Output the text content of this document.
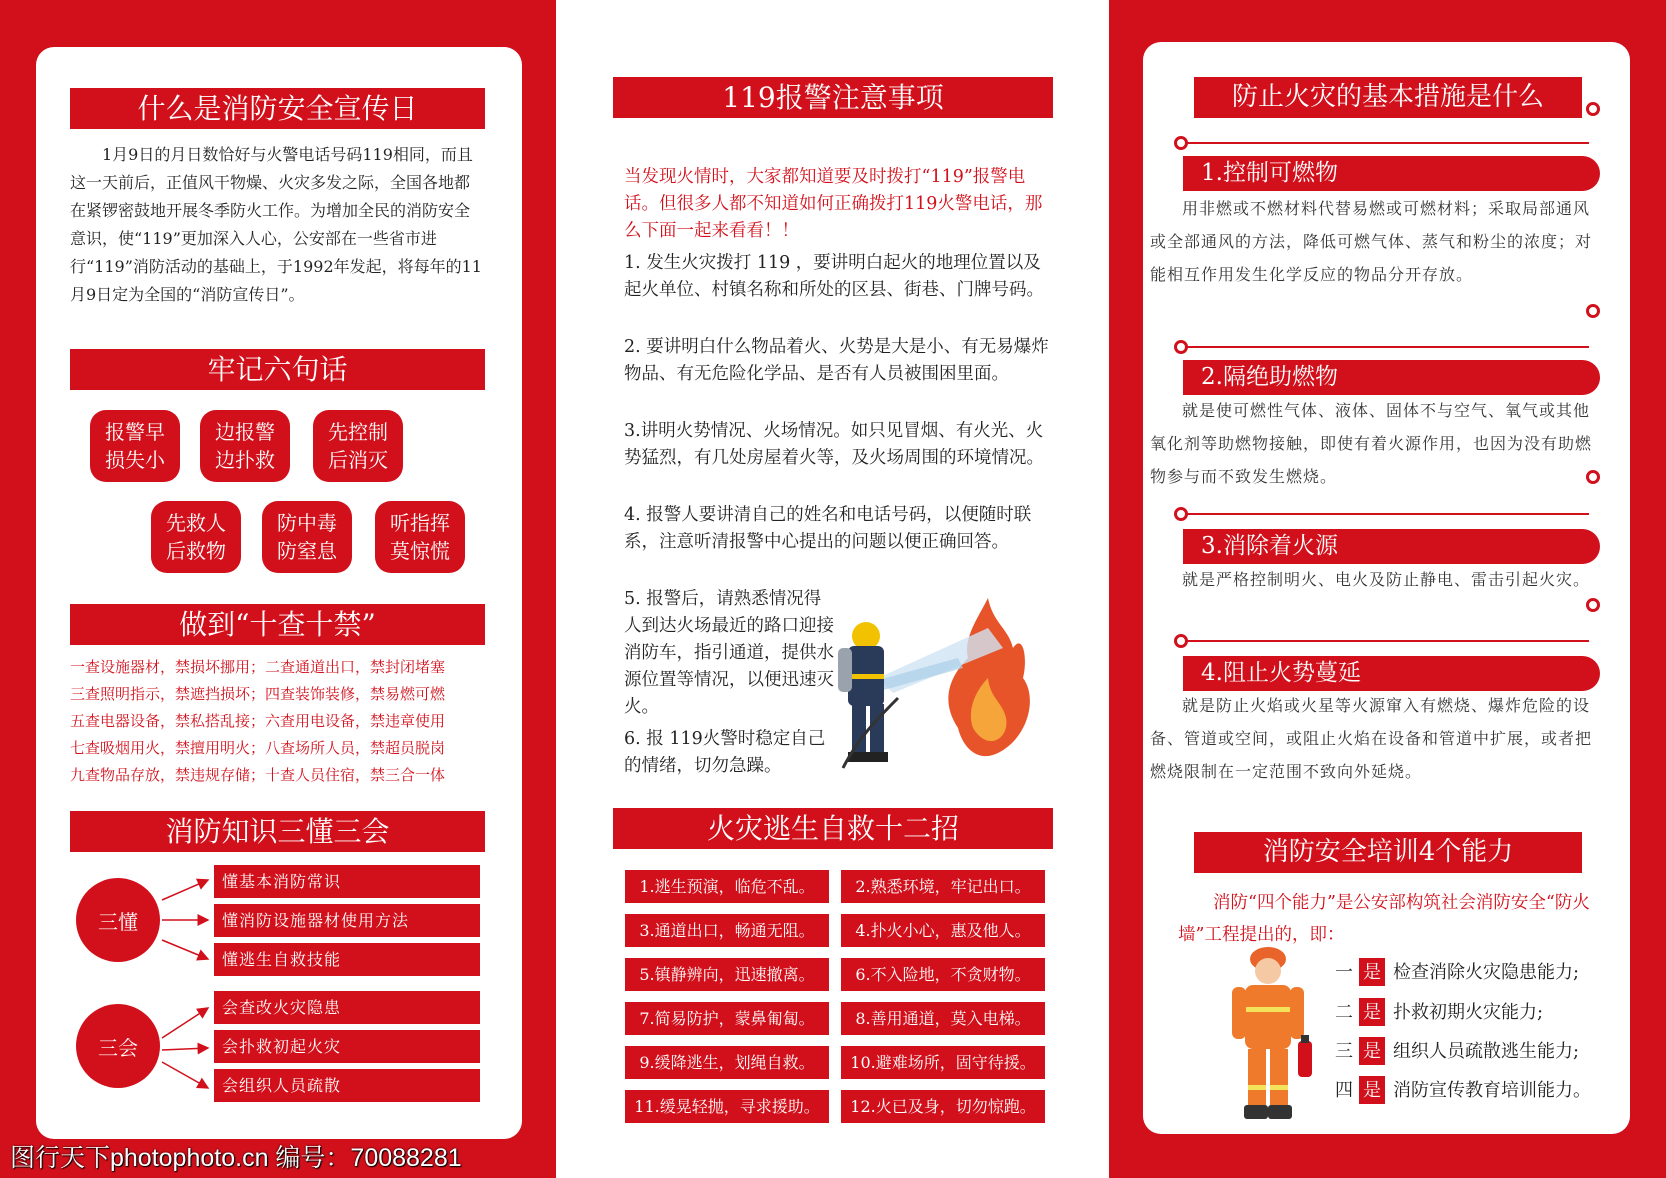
什么是消防安全宣传日
1月9日的月日数恰好与火警电话号码119相同，而且这一天前后，正值风干物燥、火灾多发之际，全国各地都在紧锣密鼓地开展冬季防火工作。为增加全民的消防安全意识，使“119”更加深入人心，公安部在一些省市进行“119”消防活动的基础上，于1992年发起，将每年的11月9日定为全国的“消防宣传日”。
牢记六句话
报警早
损失小
边报警
边扑救
先控制
后消灭
先救人
后救物
防中毒
防窒息
听指挥
莫惊慌
做到“十查十禁”
一查设施器材，禁损坏挪用；二查通道出口，禁封闭堵塞
三查照明指示，禁遮挡损坏；四查装饰装修，禁易燃可燃
五查电器设备，禁私搭乱接；六查用电设备，禁违章使用
七查吸烟用火，禁擅用明火；八查场所人员，禁超员脱岗
九查物品存放，禁违规存储；十查人员住宿，禁三合一体
消防知识三懂三会
三懂
三会
懂基本消防常识
懂消防设施器材使用方法
懂逃生自救技能
会查改火灾隐患
会扑救初起火灾
会组织人员疏散
119报警注意事项
当发现火情时，大家都知道要及时拨打“119”报警电话。但很多人都不知道如何正确拨打119火警电话，那么下面一起来看看！！
1. 发生火灾拨打 119 ，要讲明白起火的地理位置以及起火单位、村镇名称和所处的区县、街巷、门牌号码。
2. 要讲明白什么物品着火、火势是大是小、有无易爆炸物品、有无危险化学品、是否有人员被围困里面。
3.讲明火势情况、火场情况。如只见冒烟、有火光、火势猛烈，有几处房屋着火等，及火场周围的环境情况。
4. 报警人要讲清自己的姓名和电话号码，以便随时联系，注意听清报警中心提出的问题以便正确回答。
5. 报警后，请熟悉情况得人到达火场最近的路口迎接消防车，指引通道，提供水源位置等情况，以便迅速灭火。
6. 报 119火警时稳定自己的情绪，切勿急躁。
火灾逃生自救十二招
1.逃生预演，临危不乱。	2.熟悉环境，牢记出口。
3.通道出口，畅通无阻。	4.扑火小心，惠及他人。
5.镇静辨向，迅速撤离。	6.不入险地，不贪财物。
7.简易防护，蒙鼻匍匐。	8.善用通道，莫入电梯。
9.缓降逃生，划绳自救。	10.避难场所，固守待援。
11.缓晃轻抛，寻求援助。	12.火已及身，切勿惊跑。
防止火灾的基本措施是什么
1.控制可燃物
用非燃或不燃材料代替易燃或可燃材料；采取局部通风或全部通风的方法，降低可燃气体、蒸气和粉尘的浓度；对能相互作用发生化学反应的物品分开存放。
2.隔绝助燃物
就是使可燃性气体、液体、固体不与空气、氧气或其他氧化剂等助燃物接触，即使有着火源作用，也因为没有助燃物参与而不致发生燃烧。
3.消除着火源
就是严格控制明火、电火及防止静电、雷击引起火灾。
4.阻止火势蔓延
就是防止火焰或火星等火源窜入有燃烧、爆炸危险的设备、管道或空间，或阻止火焰在设备和管道中扩展，或者把燃烧限制在一定范围不致向外延烧。
消防安全培训4个能力
消防“四个能力”是公安部构筑社会消防安全“防火墙”工程提出的，即：
一 是 检查消除火灾隐患能力;
二 是 扑救初期火灾能力;
三 是 组织人员疏散逃生能力;
四 是 消防宣传教育培训能力。
图行天下photophoto.cn 编号：70088281
